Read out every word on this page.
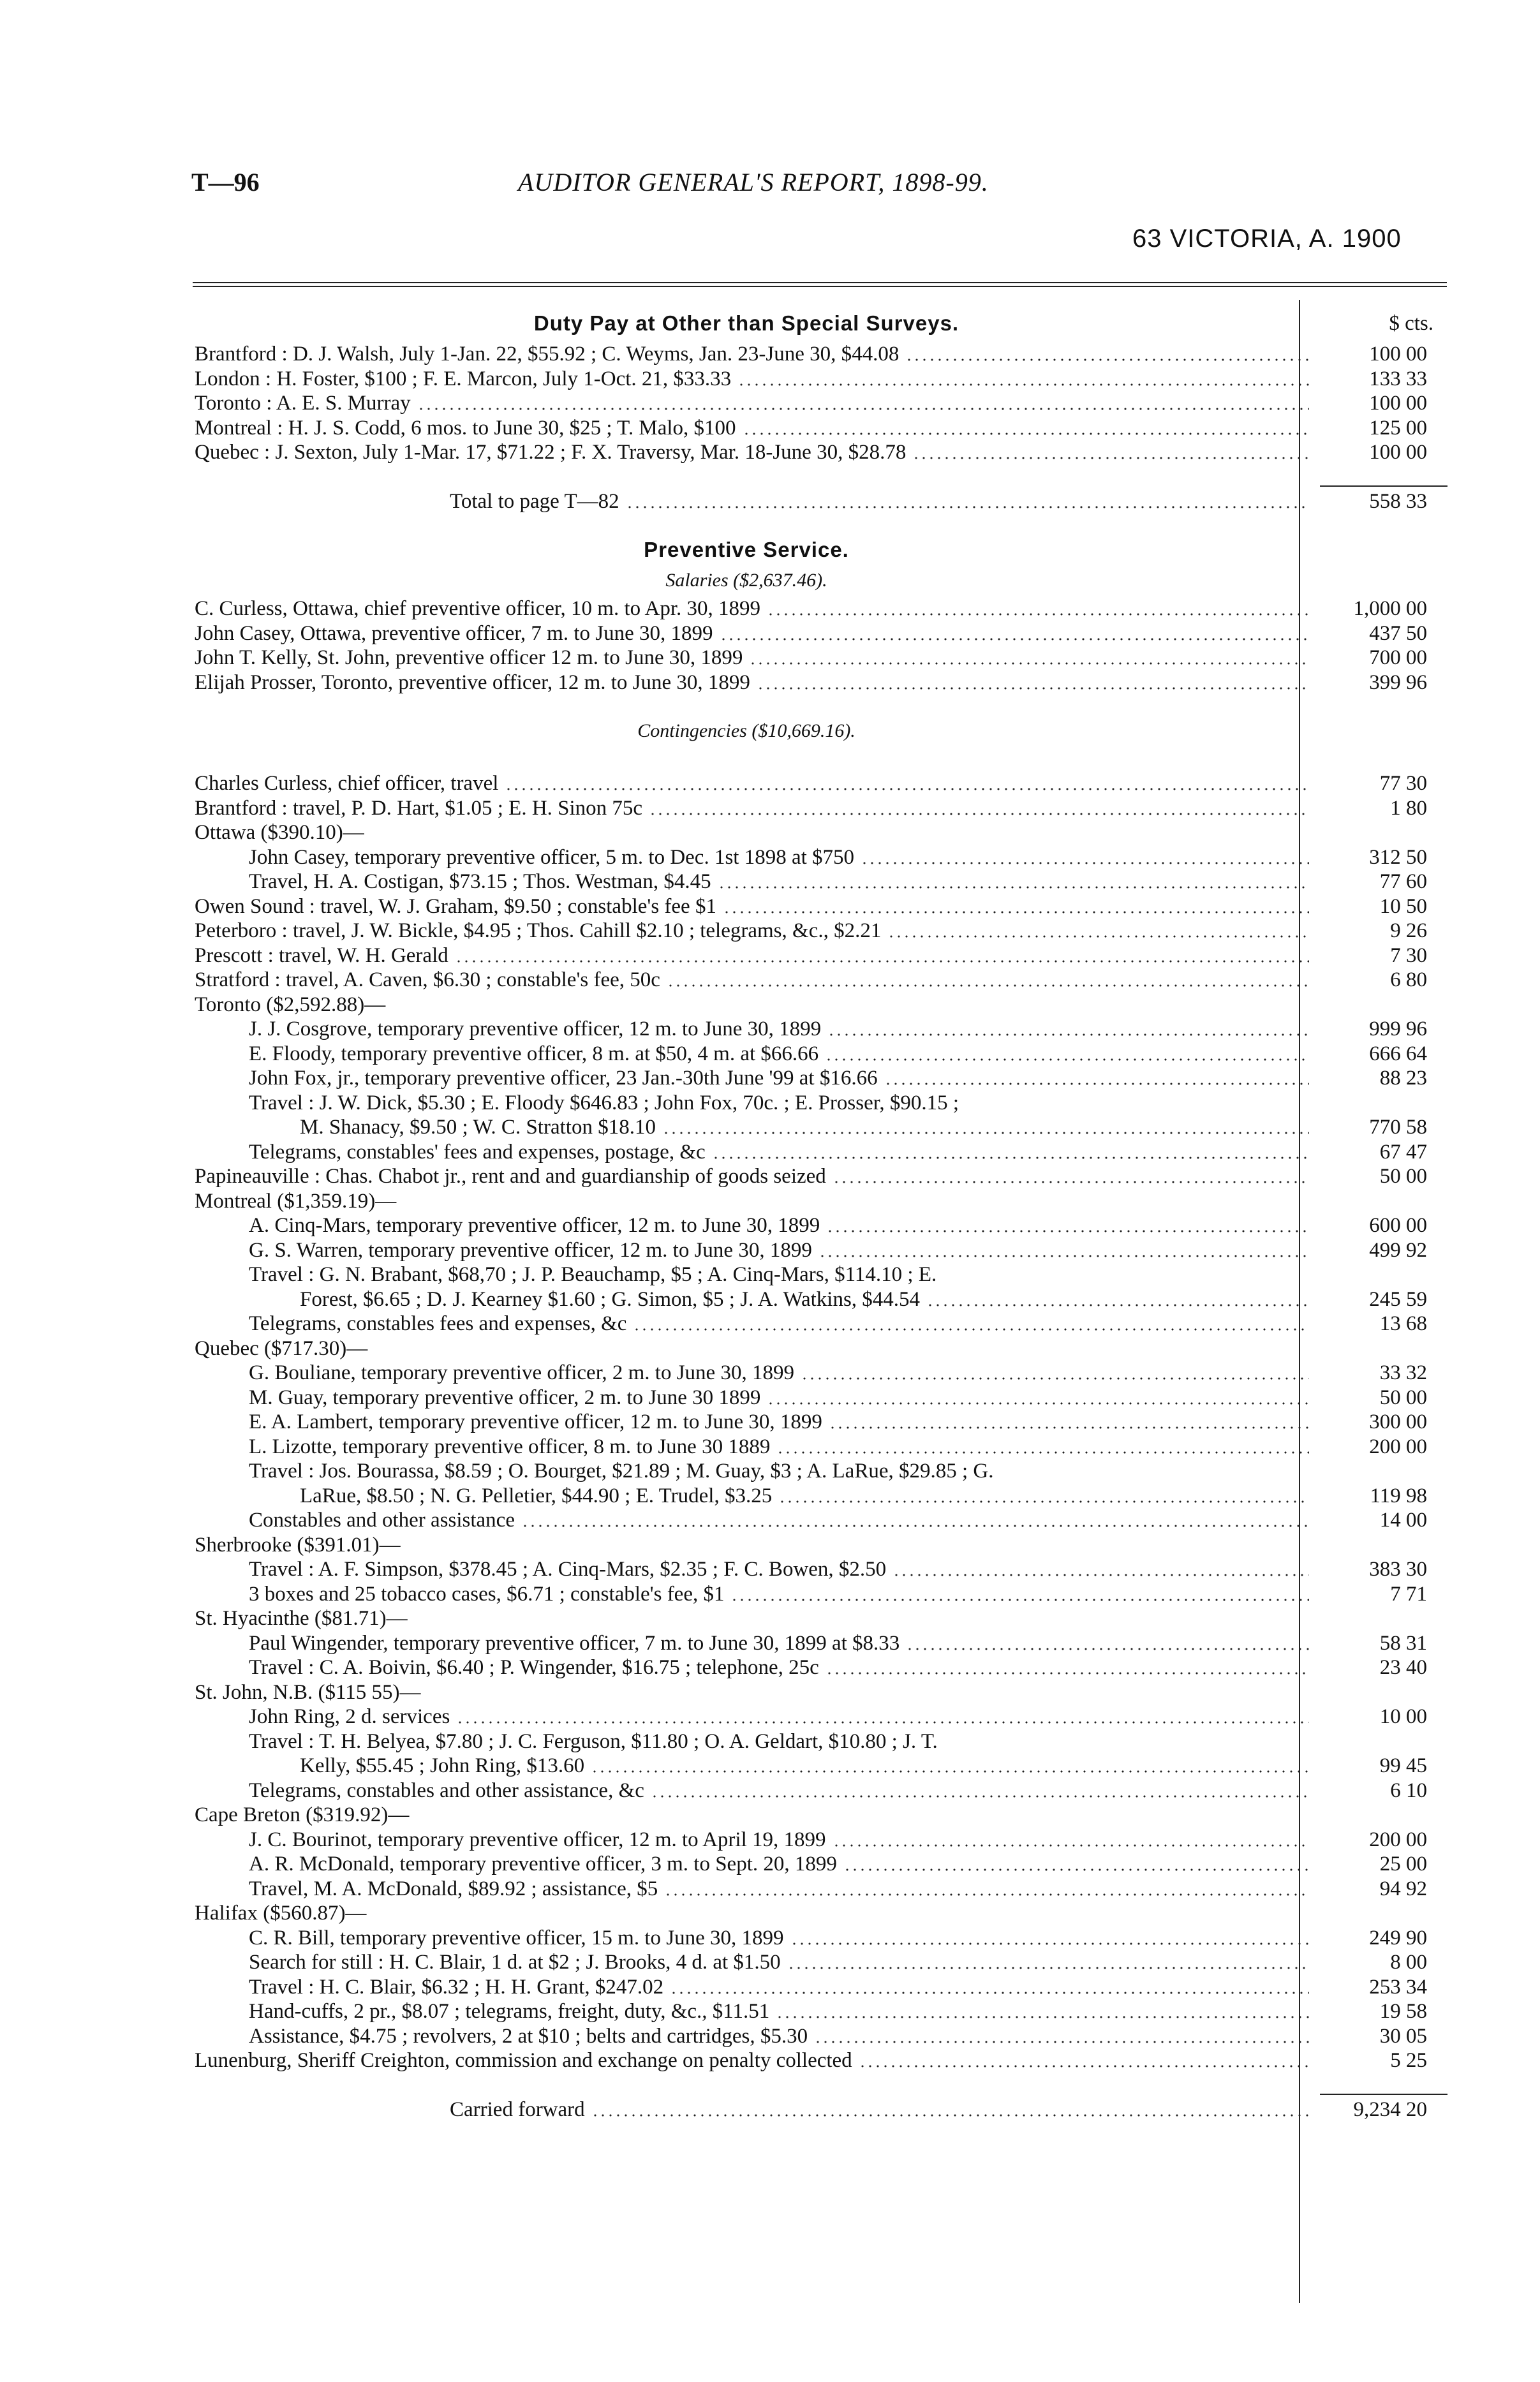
T—96	AUDITOR GENERAL'S REPORT, 1898-99.
63 VICTORIA, A. 1900
Duty Pay at Other than Special Surveys.	$ cts.
Brantford : D. J. Walsh, July 1-Jan. 22, $55.92 ; C. Weyms, Jan. 23-June 30, $44.08	100 00
London : H. Foster, $100 ; F. E. Marcon, July 1-Oct. 21, $33.33	133 33
Toronto : A. E. S. Murray	100 00
Montreal : H. J. S. Codd, 6 mos. to June 30, $25 ; T. Malo, $100	125 00
Quebec : J. Sexton, July 1-Mar. 17, $71.22 ; F. X. Traversy, Mar. 18-June 30, $28.78	100 00
Total to page T—82	558 33
Preventive Service.
Salaries ($2,637.46).
C. Curless, Ottawa, chief preventive officer, 10 m. to Apr. 30, 1899	1,000 00
John Casey, Ottawa, preventive officer, 7 m. to June 30, 1899	437 50
John T. Kelly, St. John, preventive officer 12 m. to June 30, 1899	700 00
Elijah Prosser, Toronto, preventive officer, 12 m. to June 30, 1899	399 96
Contingencies ($10,669.16).
Charles Curless, chief officer, travel	77 30
Brantford : travel, P. D. Hart, $1.05 ; E. H. Sinon 75c	1 80
Ottawa ($390.10)—
John Casey, temporary preventive officer, 5 m. to Dec. 1st 1898 at $750	312 50
Travel, H. A. Costigan, $73.15 ; Thos. Westman, $4.45	77 60
Owen Sound : travel, W. J. Graham, $9.50 ; constable's fee $1	10 50
Peterboro : travel, J. W. Bickle, $4.95 ; Thos. Cahill $2.10 ; telegrams, &c., $2.21	9 26
Prescott : travel, W. H. Gerald	7 30
Stratford : travel, A. Caven, $6.30 ; constable's fee, 50c	6 80
Toronto ($2,592.88)—
J. J. Cosgrove, temporary preventive officer, 12 m. to June 30, 1899	999 96
E. Floody, temporary preventive officer, 8 m. at $50, 4 m. at $66.66	666 64
John Fox, jr., temporary preventive officer, 23 Jan.-30th June '99 at $16.66	88 23
Travel : J. W. Dick, $5.30 ; E. Floody $646.83 ; John Fox, 70c. ; E. Prosser, $90.15 ;
M. Shanacy, $9.50 ; W. C. Stratton $18.10	770 58
Telegrams, constables' fees and expenses, postage, &c	67 47
Papineauville : Chas. Chabot jr., rent and and guardianship of goods seized	50 00
Montreal ($1,359.19)—
A. Cinq-Mars, temporary preventive officer, 12 m. to June 30, 1899	600 00
G. S. Warren, temporary preventive officer, 12 m. to June 30, 1899	499 92
Travel : G. N. Brabant, $68,70 ; J. P. Beauchamp, $5 ; A. Cinq-Mars, $114.10 ; E.
Forest, $6.65 ; D. J. Kearney $1.60 ; G. Simon, $5 ; J. A. Watkins, $44.54	245 59
Telegrams, constables fees and expenses, &c	13 68
Quebec ($717.30)—
G. Bouliane, temporary preventive officer, 2 m. to June 30, 1899	33 32
M. Guay, temporary preventive officer, 2 m. to June 30 1899	50 00
E. A. Lambert, temporary preventive officer, 12 m. to June 30, 1899	300 00
L. Lizotte, temporary preventive officer, 8 m. to June 30 1889	200 00
Travel : Jos. Bourassa, $8.59 ; O. Bourget, $21.89 ; M. Guay, $3 ; A. LaRue, $29.85 ; G.
LaRue, $8.50 ; N. G. Pelletier, $44.90 ; E. Trudel, $3.25	119 98
Constables and other assistance	14 00
Sherbrooke ($391.01)—
Travel : A. F. Simpson, $378.45 ; A. Cinq-Mars, $2.35 ; F. C. Bowen, $2.50	383 30
3 boxes and 25 tobacco cases, $6.71 ; constable's fee, $1	7 71
St. Hyacinthe ($81.71)—
Paul Wingender, temporary preventive officer, 7 m. to June 30, 1899 at $8.33	58 31
Travel : C. A. Boivin, $6.40 ; P. Wingender, $16.75 ; telephone, 25c	23 40
St. John, N.B. ($115 55)—
John Ring, 2 d. services	10 00
Travel : T. H. Belyea, $7.80 ; J. C. Ferguson, $11.80 ; O. A. Geldart, $10.80 ; J. T.
Kelly, $55.45 ; John Ring, $13.60	99 45
Telegrams, constables and other assistance, &c	6 10
Cape Breton ($319.92)—
J. C. Bourinot, temporary preventive officer, 12 m. to April 19, 1899	200 00
A. R. McDonald, temporary preventive officer, 3 m. to Sept. 20, 1899	25 00
Travel, M. A. McDonald, $89.92 ; assistance, $5	94 92
Halifax ($560.87)—
C. R. Bill, temporary preventive officer, 15 m. to June 30, 1899	249 90
Search for still : H. C. Blair, 1 d. at $2 ; J. Brooks, 4 d. at $1.50	8 00
Travel : H. C. Blair, $6.32 ; H. H. Grant, $247.02	253 34
Hand-cuffs, 2 pr., $8.07 ; telegrams, freight, duty, &c., $11.51	19 58
Assistance, $4.75 ; revolvers, 2 at $10 ; belts and cartridges, $5.30	30 05
Lunenburg, Sheriff Creighton, commission and exchange on penalty collected	5 25
Carried forward	9,234 20
